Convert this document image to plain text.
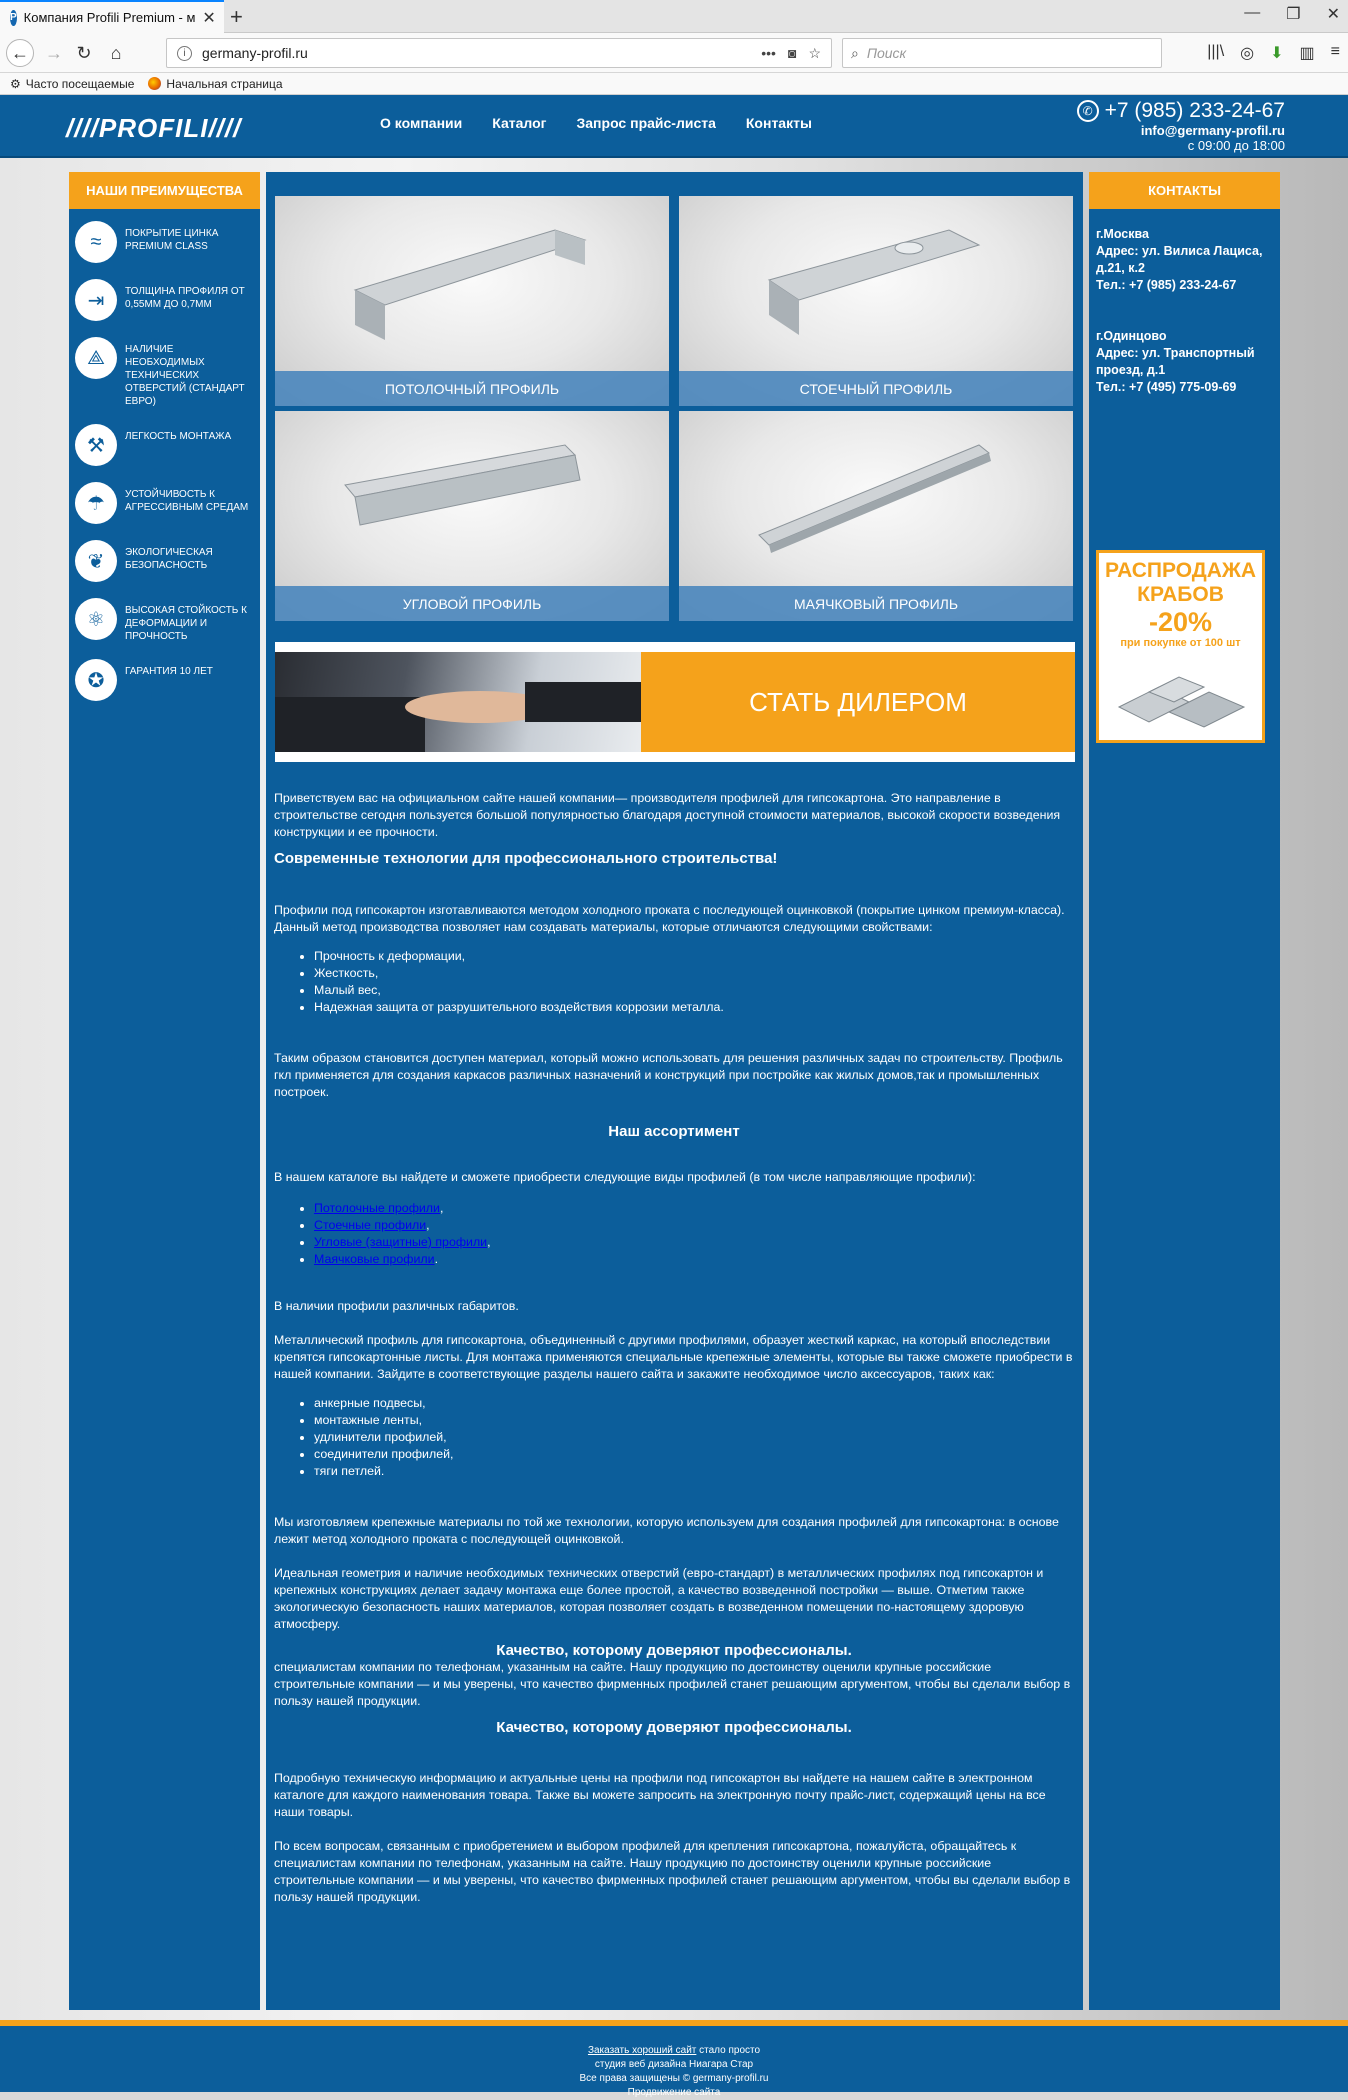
P Компания Profili Premium - м ✕ +	— ❐ ✕
← → ↻	⌂	i	germany-profil.ru	••• ◙ ☆ ⌕ Поиск	|||\ ◎ ⬇ ▥ ≡
⚙ Часто посещаемые	Начальная страница
////PROFILI////	О компании Каталог Запрос прайс-листа Контакты
✆ +7 (985) 233-24-67
info@germany-profil.ru
с 09:00 до 18:00
НАШИ ПРЕИМУЩЕСТВА
≈	ПОКРЫТИЕ ЦИНКА PREMIUM CLASS
⇥	ТОЛЩИНА ПРОФИЛЯ ОТ 0,55ММ ДО 0,7ММ
⟁	НАЛИЧИЕ НЕОБХОДИМЫХ ТЕХНИЧЕСКИХ ОТВЕРСТИЙ (СТАНДАРТ ЕВРО)
⚒	ЛЕГКОСТЬ МОНТАЖА
☂	УСТОЙЧИВОСТЬ К АГРЕССИВНЫМ СРЕДАМ
❦	ЭКОЛОГИЧЕСКАЯ БЕЗОПАСНОСТЬ
⚛	ВЫСОКАЯ СТОЙКОСТЬ К ДЕФОРМАЦИИ И ПРОЧНОСТЬ
✪	ГАРАНТИЯ 10 ЛЕТ
ПОТОЛОЧНЫЙ ПРОФИЛЬ	СТОЕЧНЫЙ ПРОФИЛЬ
УГЛОВОЙ ПРОФИЛЬ	МАЯЧКОВЫЙ ПРОФИЛЬ
СТАТЬ ДИЛЕРОМ

Приветствуем вас на официальном сайте нашей компании— производителя профилей для гипсокартона. Это направление в строительстве сегодня пользуется большой популярностью благодаря доступной стоимости материалов, высокой скорости возведения конструкции и ее прочности.

Современные технологии для профессионального строительства!

Профили под гипсокартон изготавливаются методом холодного проката с последующей оцинковкой (покрытие цинком премиум-класса). Данный метод производства позволяет нам создавать материалы, которые отличаются следующими свойствами:

• Прочность к деформации,
• Жесткость,
• Малый вес,
• Надежная защита от разрушительного воздействия коррозии металла.

Таким образом становится доступен материал, который можно использовать для решения различных задач по строительству. Профиль гкл применяется для создания каркасов различных назначений и конструкций при постройке как жилых домов,так и промышленных построек.

Наш ассортимент

В нашем каталоге вы найдете и сможете приобрести следующие виды профилей (в том числе направляющие профили):

• Потолочные профили,
• Стоечные профили,
• Угловые (защитные) профили,
• Маячковые профили.

В наличии профили различных габаритов.

Металлический профиль для гипсокартона, объединенный с другими профилями, образует жесткий каркас, на который впоследствии крепятся гипсокартонные листы. Для монтажа применяются специальные крепежные элементы, которые вы также сможете приобрести в нашей компании. Зайдите в соответствующие разделы нашего сайта и закажите необходимое число аксессуаров, таких как:

• анкерные подвесы,
• монтажные ленты,
• удлинители профилей,
• соединители профилей,
• тяги петлей.

Мы изготовляем крепежные материалы по той же технологии, которую используем для создания профилей для гипсокартона: в основе лежит метод холодного проката с последующей оцинковкой.

Идеальная геометрия и наличие необходимых технических отверстий (евро-стандарт) в металлических профилях под гипсокартон и крепежных конструкциях делает задачу монтажа еще более простой, а качество возведенной постройки — выше. Отметим также экологическую безопасность наших материалов, которая позволяет создать в возведенном помещении по-настоящему здоровую атмосферу.

Качество, которому доверяют профессионалы.

специалистам компании по телефонам, указанным на сайте. Нашу продукцию по достоинству оценили крупные российские строительные компании — и мы уверены, что качество фирменных профилей станет решающим аргументом, чтобы вы сделали выбор в пользу нашей продукции.

Качество, которому доверяют профессионалы.

Подробную техническую информацию и актуальные цены на профили под гипсокартон вы найдете на нашем сайте в электронном каталоге для каждого наименования товара. Также вы можете запросить на электронную почту прайс-лист, содержащий цены на все наши товары.

По всем вопросам, связанным с приобретением и выбором профилей для крепления гипсокартона, пожалуйста, обращайтесь к специалистам компании по телефонам, указанным на сайте. Нашу продукцию по достоинству оценили крупные российские строительные компании — и мы уверены, что качество фирменных профилей станет решающим аргументом, чтобы вы сделали выбор в пользу нашей продукции.

КОНТАКТЫ
г.Москва
Адрес: ул. Вилиса Лациса, д.21, к.2
Тел.: +7 (985) 233-24-67
г.Одинцово
Адрес: ул. Транспортный проезд, д.1
Тел.: +7 (495) 775-09-69
РАСПРОДАЖА
КРАБОВ
-20%
при покупке от 100 шт
Заказать хороший сайт стало просто
студия веб дизайна Ниагара Стар
Все права защищены © germany-profil.ru
Продвижение сайта
